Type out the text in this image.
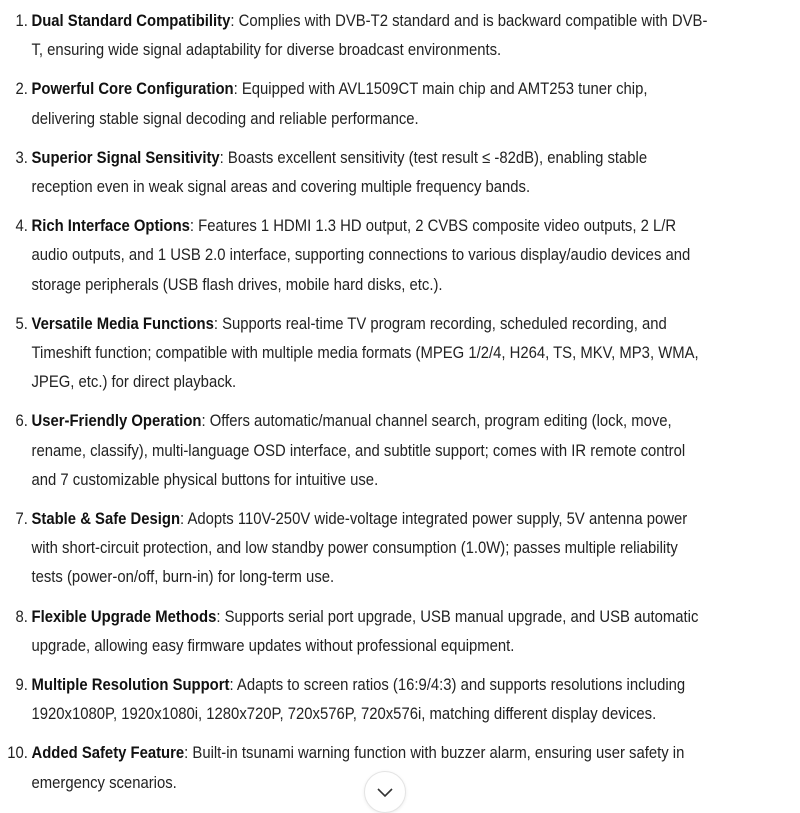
1. Dual Standard Compatibility: Complies with DVB-T2 standard and is backward compatible with DVB-T, ensuring wide signal adaptability for diverse broadcast environments.
2. Powerful Core Configuration: Equipped with AVL1509CT main chip and AMT253 tuner chip, delivering stable signal decoding and reliable performance.
3. Superior Signal Sensitivity: Boasts excellent sensitivity (test result ≤ -82dB), enabling stable reception even in weak signal areas and covering multiple frequency bands.
4. Rich Interface Options: Features 1 HDMI 1.3 HD output, 2 CVBS composite video outputs, 2 L/R audio outputs, and 1 USB 2.0 interface, supporting connections to various display/audio devices and storage peripherals (USB flash drives, mobile hard disks, etc.).
5. Versatile Media Functions: Supports real-time TV program recording, scheduled recording, and Timeshift function; compatible with multiple media formats (MPEG 1/2/4, H264, TS, MKV, MP3, WMA, JPEG, etc.) for direct playback.
6. User-Friendly Operation: Offers automatic/manual channel search, program editing (lock, move, rename, classify), multi-language OSD interface, and subtitle support; comes with IR remote control and 7 customizable physical buttons for intuitive use.
7. Stable & Safe Design: Adopts 110V-250V wide-voltage integrated power supply, 5V antenna power with short-circuit protection, and low standby power consumption (1.0W); passes multiple reliability tests (power-on/off, burn-in) for long-term use.
8. Flexible Upgrade Methods: Supports serial port upgrade, USB manual upgrade, and USB automatic upgrade, allowing easy firmware updates without professional equipment.
9. Multiple Resolution Support: Adapts to screen ratios (16:9/4:3) and supports resolutions including 1920x1080P, 1920x1080i, 1280x720P, 720x576P, 720x576i, matching different display devices.
10. Added Safety Feature: Built-in tsunami warning function with buzzer alarm, ensuring user safety in emergency scenarios.
